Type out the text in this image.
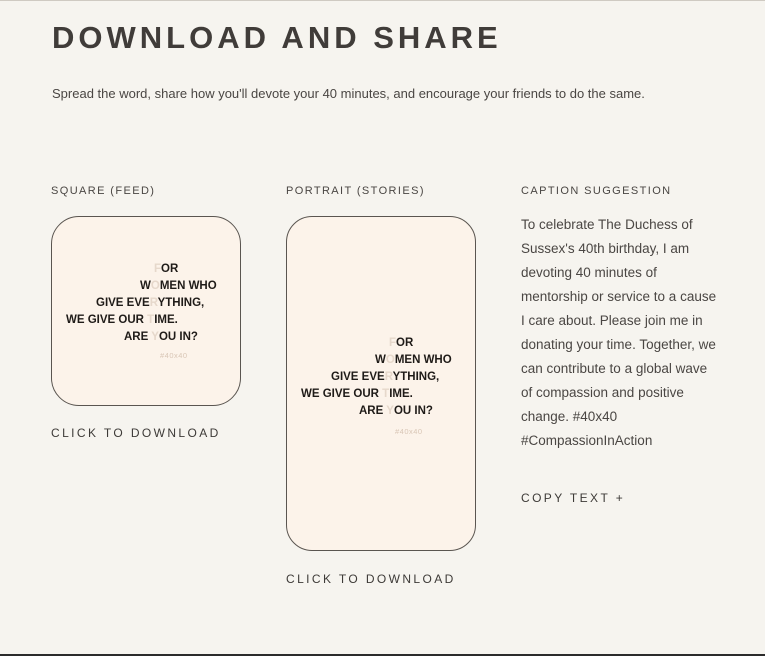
DOWNLOAD AND SHARE

Spread the word, share how you'll devote your 40 minutes, and encourage your friends to do the same.

SQUARE (FEED)
FOR
WOMEN WHO
GIVE EVERYTHING,
WE GIVE OUR TIME.
ARE YOU IN?
#40x40
CLICK TO DOWNLOAD
PORTRAIT (STORIES)
FOR
WOMEN WHO
GIVE EVERYTHING,
WE GIVE OUR TIME.
ARE YOU IN?
#40x40
CLICK TO DOWNLOAD
CAPTION SUGGESTION

To celebrate The Duchess of Sussex's 40th birthday, I am devoting 40 minutes of mentorship or service to a cause I care about. Please join me in donating your time. Together, we can contribute to a global wave of compassion and positive change. #40x40 #CompassionInAction

COPY TEXT +
